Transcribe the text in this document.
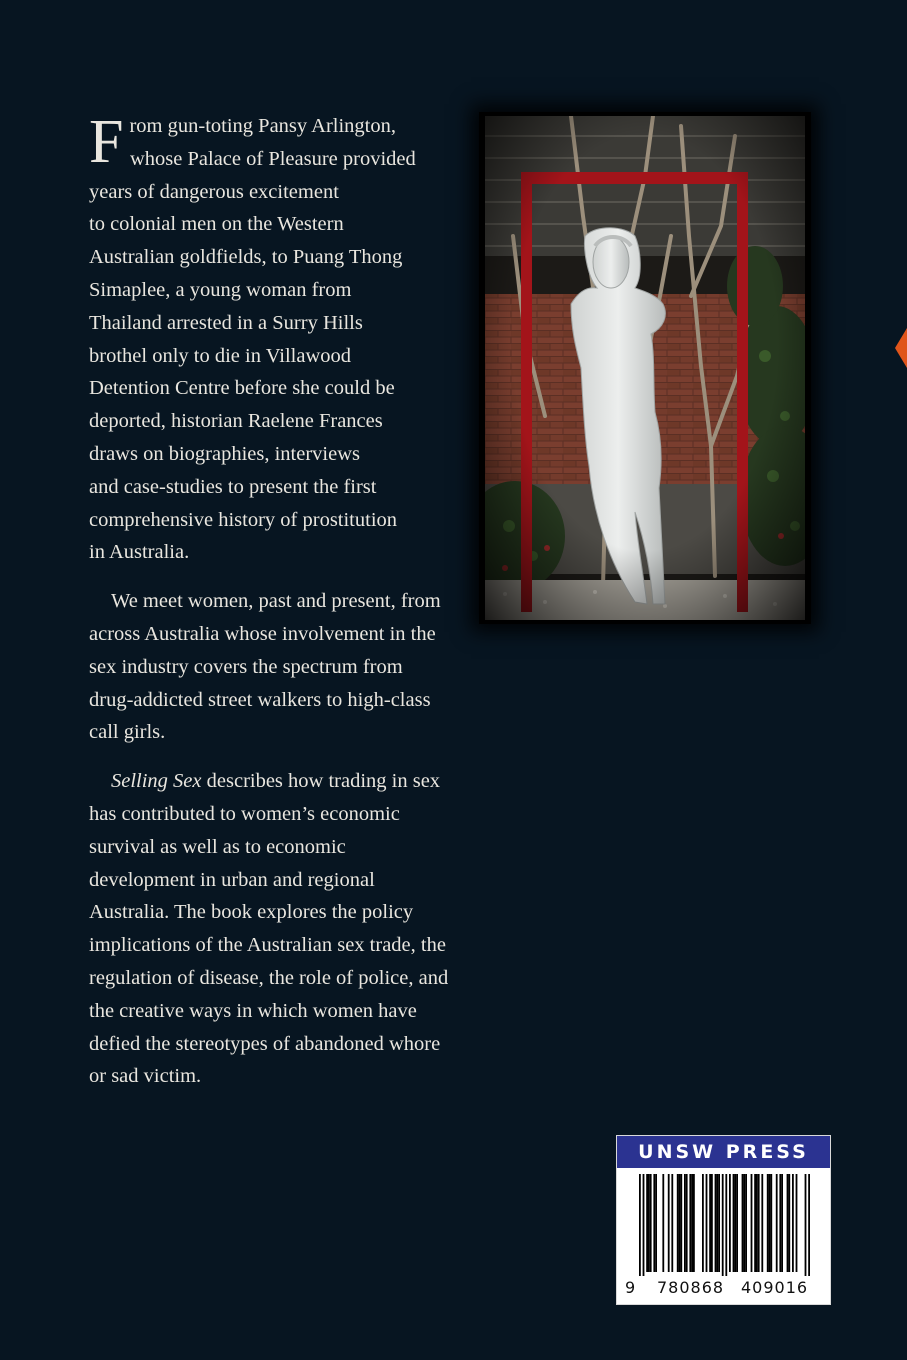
F rom gun-toting Pansy Arlington,
whose Palace of Pleasure provided
years of dangerous excitement
to colonial men on the Western
Australian goldfields, to Puang Thong
Simaplee, a young woman from
Thailand arrested in a Surry Hills
brothel only to die in Villawood
Detention Centre before she could be
deported, historian Raelene Frances
draws on biographies, interviews
and case-studies to present the first
comprehensive history of prostitution
in Australia.

We meet women, past and present, from across Australia whose involvement in the sex industry covers the spectrum from drug-addicted street walkers to high-class call girls.

Selling Sex describes how trading in sex has contributed to women’s economic survival as well as to economic development in urban and regional Australia. The book explores the policy implications of the Australian sex trade, the regulation of disease, the role of police, and the creative ways in which women have defied the stereotypes of abandoned whore or sad victim.

UNSW PRESS
9 780868 409016
